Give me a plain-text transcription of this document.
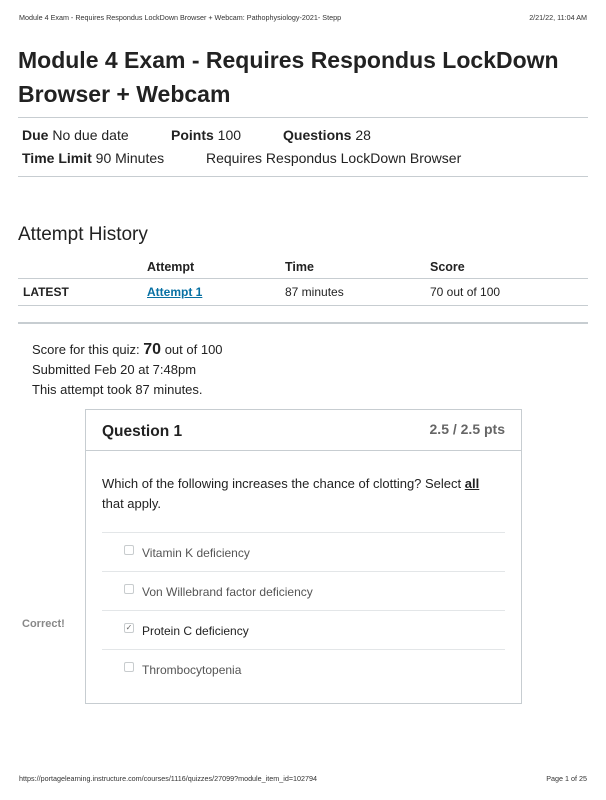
Module 4 Exam - Requires Respondus LockDown Browser + Webcam: Pathophysiology-2021- Stepp	2/21/22, 11:04 AM
Module 4 Exam - Requires Respondus LockDown Browser + Webcam
Due No due date	Points 100	Questions 28
Time Limit 90 Minutes	Requires Respondus LockDown Browser
Attempt History
	Attempt	Time	Score
LATEST	Attempt 1	87 minutes	70 out of 100
Score for this quiz: 70 out of 100
Submitted Feb 20 at 7:48pm
This attempt took 87 minutes.
Correct!
Question 1	2.5 / 2.5 pts
Which of the following increases the chance of clotting? Select all that apply.
Vitamin K deficiency
Von Willebrand factor deficiency
✓ Protein C deficiency
Thrombocytopenia
https://portagelearning.instructure.com/courses/1116/quizzes/27099?module_item_id=102794	Page 1 of 25
